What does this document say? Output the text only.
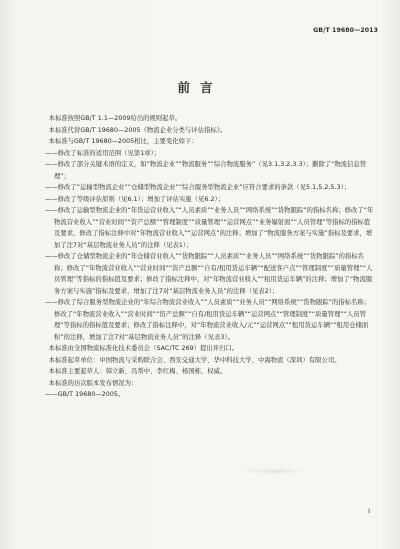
GB/T 19680—2013
前言

本标准按照GB/T 1.1—2009给出的规则起草。

本标准代替GB/T 19680—2005《物流企业分类与评估指标》。

本标准与GB/T 19680—2005相比，主要变化如下：

——修改了标准的适用范围（见第1章）；

——修改了部分关键术语的定义，如“物流企业”“物流服务”“综合物流服务”（见3.1,3.2,3.3）；删除了“物流信息管理”；

——修改了“运输型物流企业”“仓储型物流企业”“综合服务型物流企业”应符合要求的条款（见5.1,5.2,5.3）；

——修改了等级评估原则（见6.1）；增加了评估实施（见6.2）；

——修改了运输型物流企业的“年货运营业收入”“人员素质”“业务人员”“网络系统”“货物跟踪”的指标名称；修改了“年物流营业收入”“营业时间”“资产总额”“管理制度”“质量管理”“运营网点”“业务辐射面”“人员管理”等指标的指标值及要求，修改了指标注释中对“年物流营业收入”“运营网点”的注释；增加了“物流服务方案与实施”指标及要求，增加了注7对“基层物流业务人员”的注释（见表1）；

——修改了仓储型物流企业的“年仓储营业收入”“货物跟踪”“人员素质”“业务人员”“网络系统”“货物跟踪”的指标名称；修改了“年物流营业收入”“营业时间”“资产总额”“自有/租用货运车辆”“配送客户点”“管理制度”“质量管理”“人员管理”等指标的指标值及要求；修改了指标注释中，对“年物流营业收入”“租用货运车辆”的注释；增加了“物流服务方案与实施”指标及要求，增加了注7对“基层物流业务人员”的注释（见表2）；

——修改了综合服务型物流企业的“年综合物流营业收入”“人员素质”“业务人员”“网络系统”“货物跟踪”的指标名称；修改了“年物流营业收入”“营业时间”“资产总额”“自有/租用货运车辆”“运营网点”“管理制度”“质量管理”“人员管理”等指标的指标值及要求；修改了指标注释中，对“年物流营业收入/元”“运营网点”“租用货运车辆”“租用仓储面积”的注释，增加了注7对“基层物流业务人员”的注释（见表3）。

本标准由全国物流标准化技术委员会（SAC/TC 269）提出并归口。

本标准起草单位：中国物流与采购联合会、西安交通大学、华中科技大学、中海物流（深圳）有限公司。

本标准主要起草人：韩立新、冯帮中、李红梅、杨国栋、权威。

本标准的历次版本发布情况为：

——GB/T 19680—2005。

I
